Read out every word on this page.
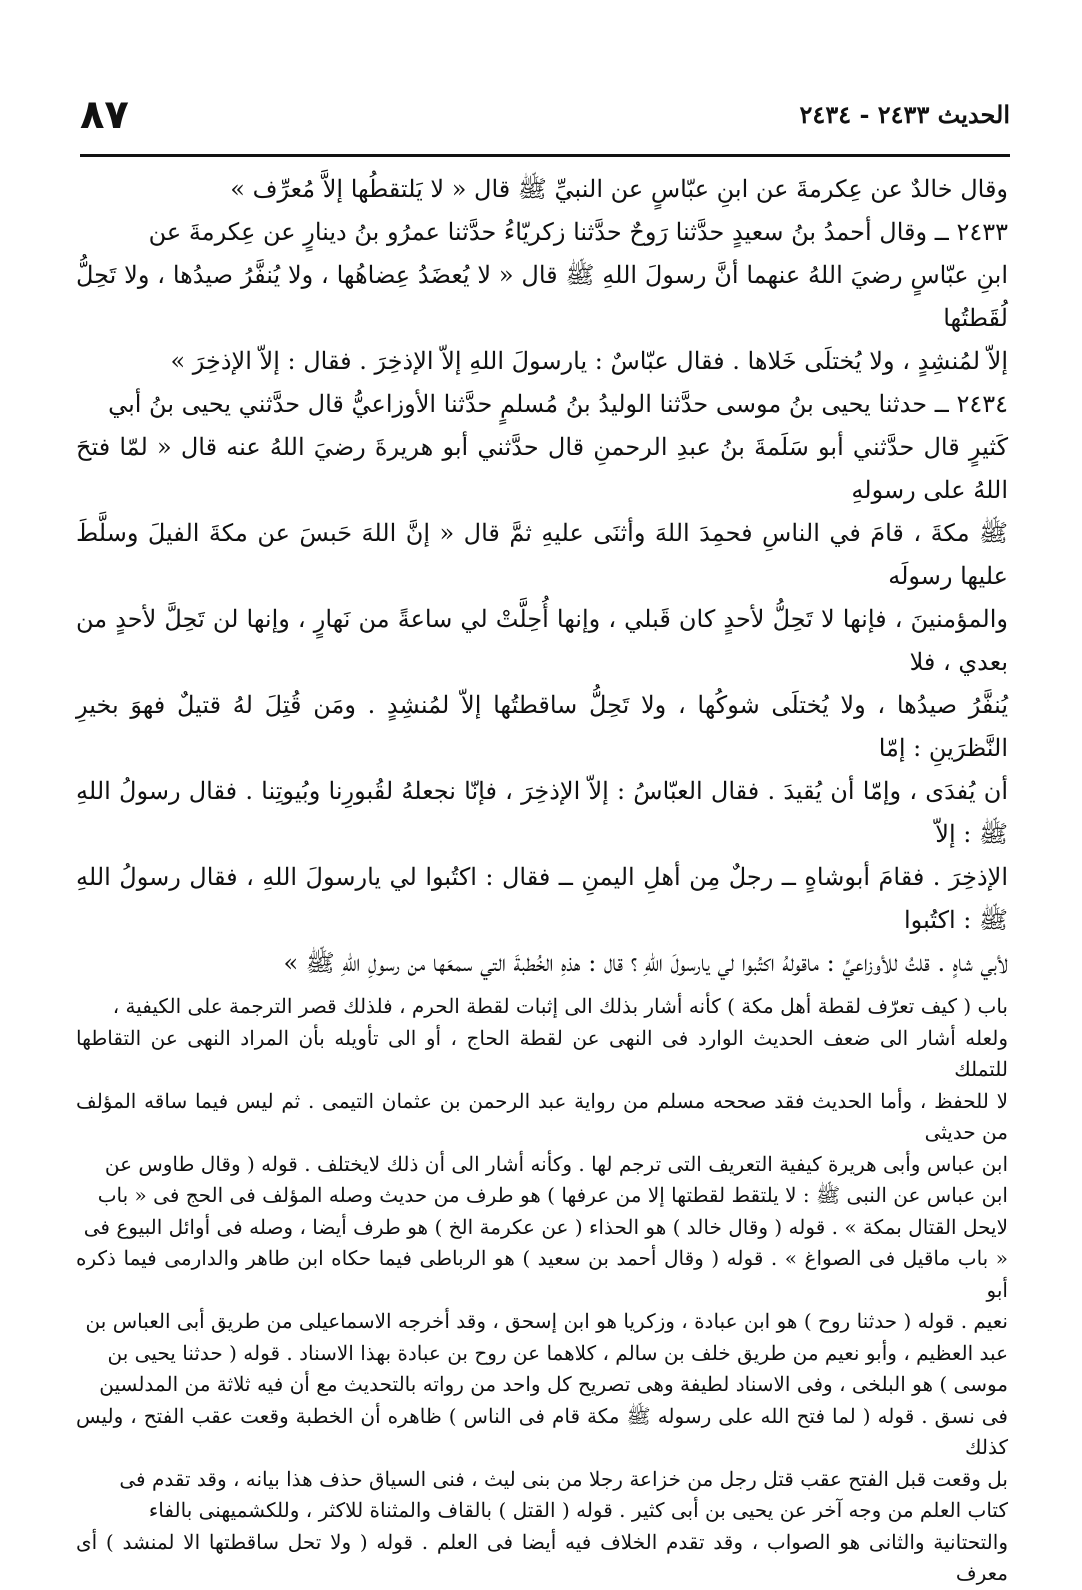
٨٧	الحديث ٢٤٣٣ - ٢٤٣٤

وقال خالدٌ عن عِكرمةَ عن ابنِ عبّاسٍ عن النبيِّ ﷺ قال « لا يَلتقطُها إلاَّ مُعرِّف »

٢٤٣٣ ــ وقال أحمدُ بنُ سعيدٍ حدَّثنا رَوحٌ حدَّثنا زكريّاءُ حدَّثنا عمرُو بنُ دينارٍ عن عِكرمةَ عن

ابنِ عبّاسٍ رضيَ اللهُ عنهما أنَّ رسولَ اللهِ ﷺ قال « لا يُعضَدُ عِضاهُها ، ولا يُنفَّرُ صيدُها ، ولا تَحِلُّ لُقَطتُها

إلاّ لمُنشِدٍ ، ولا يُختلَى خَلاها . فقال عبّاسٌ : يارسولَ اللهِ إلاّ الإذخِرَ . فقال : إلاّ الإذخِرَ »

٢٤٣٤ ــ حدثنا يحيى بنُ موسى حدَّثنا الوليدُ بنُ مُسلمٍ حدَّثنا الأوزاعيُّ قال حدَّثني يحيى بنُ أبي

كَثيرٍ قال حدَّثني أبو سَلَمةَ بنُ عبدِ الرحمنِ قال حدَّثني أبو هريرةَ رضيَ اللهُ عنه قال « لمّا فتحَ اللهُ على رسولهِ

ﷺ مكةَ ، قامَ في الناسِ فحمِدَ اللهَ وأثنَى عليهِ ثمَّ قال « إنَّ اللهَ حَبسَ عن مكةَ الفيلَ وسلَّطَ عليها رسولَه

والمؤمنينَ ، فإنها لا تَحِلُّ لأحدٍ كان قَبلي ، وإنها أُحِلَّتْ لي ساعةً من نَهارٍ ، وإنها لن تَحِلَّ لأحدٍ من بعدي ، فلا

يُنفَّرُ صيدُها ، ولا يُختلَى شوكُها ، ولا تَحِلُّ ساقطتُها إلاّ لمُنشِدٍ . ومَن قُتِلَ لهُ قتيلٌ فهوَ بخيرِ النَّظرَينِ : إمّا

أن يُفدَى ، وإمّا أن يُقيدَ . فقال العبّاسُ : إلاّ الإذخِرَ ، فإنّا نجعلهُ لقُبورِنا وبُيوتِنا . فقال رسولُ اللهِ ﷺ : إلاّ

الإذخِرَ . فقامَ أبوشاهٍ ــ رجلٌ مِن أهلِ اليمنِ ــ فقال : اكتُبوا لي يارسولَ اللهِ ، فقال رسولُ اللهِ ﷺ : اكتُبوا

لأبي شاهٍ . قلتُ للأوزاعيِّ : ماقولهُ اكتُبوا لي يارسولَ اللهِ ؟ قال : هذهِ الخُطبةَ التي سمعَها من رسولِ اللهِ ﷺ »

باب ( كيف تعرّف لقطة أهل مكة ) كأنه أشار بذلك الى إثبات لقطة الحرم ، فلذلك قصر الترجمة على الكيفية ،

ولعله أشار الى ضعف الحديث الوارد فى النهى عن لقطة الحاج ، أو الى تأويله بأن المراد النهى عن التقاطها للتملك

لا للحفظ ، وأما الحديث فقد صححه مسلم من رواية عبد الرحمن بن عثمان التيمى . ثم ليس فيما ساقه المؤلف من حديثى

ابن عباس وأبى هريرة كيفية التعريف التى ترجم لها . وكأنه أشار الى أن ذلك لايختلف . قوله ( وقال طاوس عن

ابن عباس عن النبى ﷺ : لا يلتقط لقطتها إلا من عرفها ) هو طرف من حديث وصله المؤلف فى الحج فى « باب

لايحل القتال بمكة » . قوله ( وقال خالد ) هو الحذاء ( عن عكرمة الخ ) هو طرف أيضا ، وصله فى أوائل البيوع فى

« باب ماقيل فى الصواغ » . قوله ( وقال أحمد بن سعيد ) هو الرباطى فيما حكاه ابن طاهر والدارمى فيما ذكره أبو

نعيم . قوله ( حدثنا روح ) هو ابن عبادة ، وزكريا هو ابن إسحق ، وقد أخرجه الاسماعيلى من طريق أبى العباس بن

عبد العظيم ، وأبو نعيم من طريق خلف بن سالم ، كلاهما عن روح بن عبادة بهذا الاسناد . قوله ( حدثنا يحيى بن

موسى ) هو البلخى ، وفى الاسناد لطيفة وهى تصريح كل واحد من رواته بالتحديث مع أن فيه ثلاثة من المدلسين

فى نسق . قوله ( لما فتح الله على رسوله ﷺ مكة قام فى الناس ) ظاهره أن الخطبة وقعت عقب الفتح ، وليس كذلك

بل وقعت قبل الفتح عقب قتل رجل من خزاعة رجلا من بنى ليث ، فنى السياق حذف هذا بيانه ، وقد تقدم فى

كتاب العلم من وجه آخر عن يحيى بن أبى كثير . قوله ( القتل ) بالقاف والمثناة للاكثر ، وللكشميهنى بالفاء

والتحتانية والثانى هو الصواب ، وقد تقدم الخلاف فيه أيضا فى العلم . قوله ( ولا تحل ساقطتها الا لمنشد ) أى معرف
